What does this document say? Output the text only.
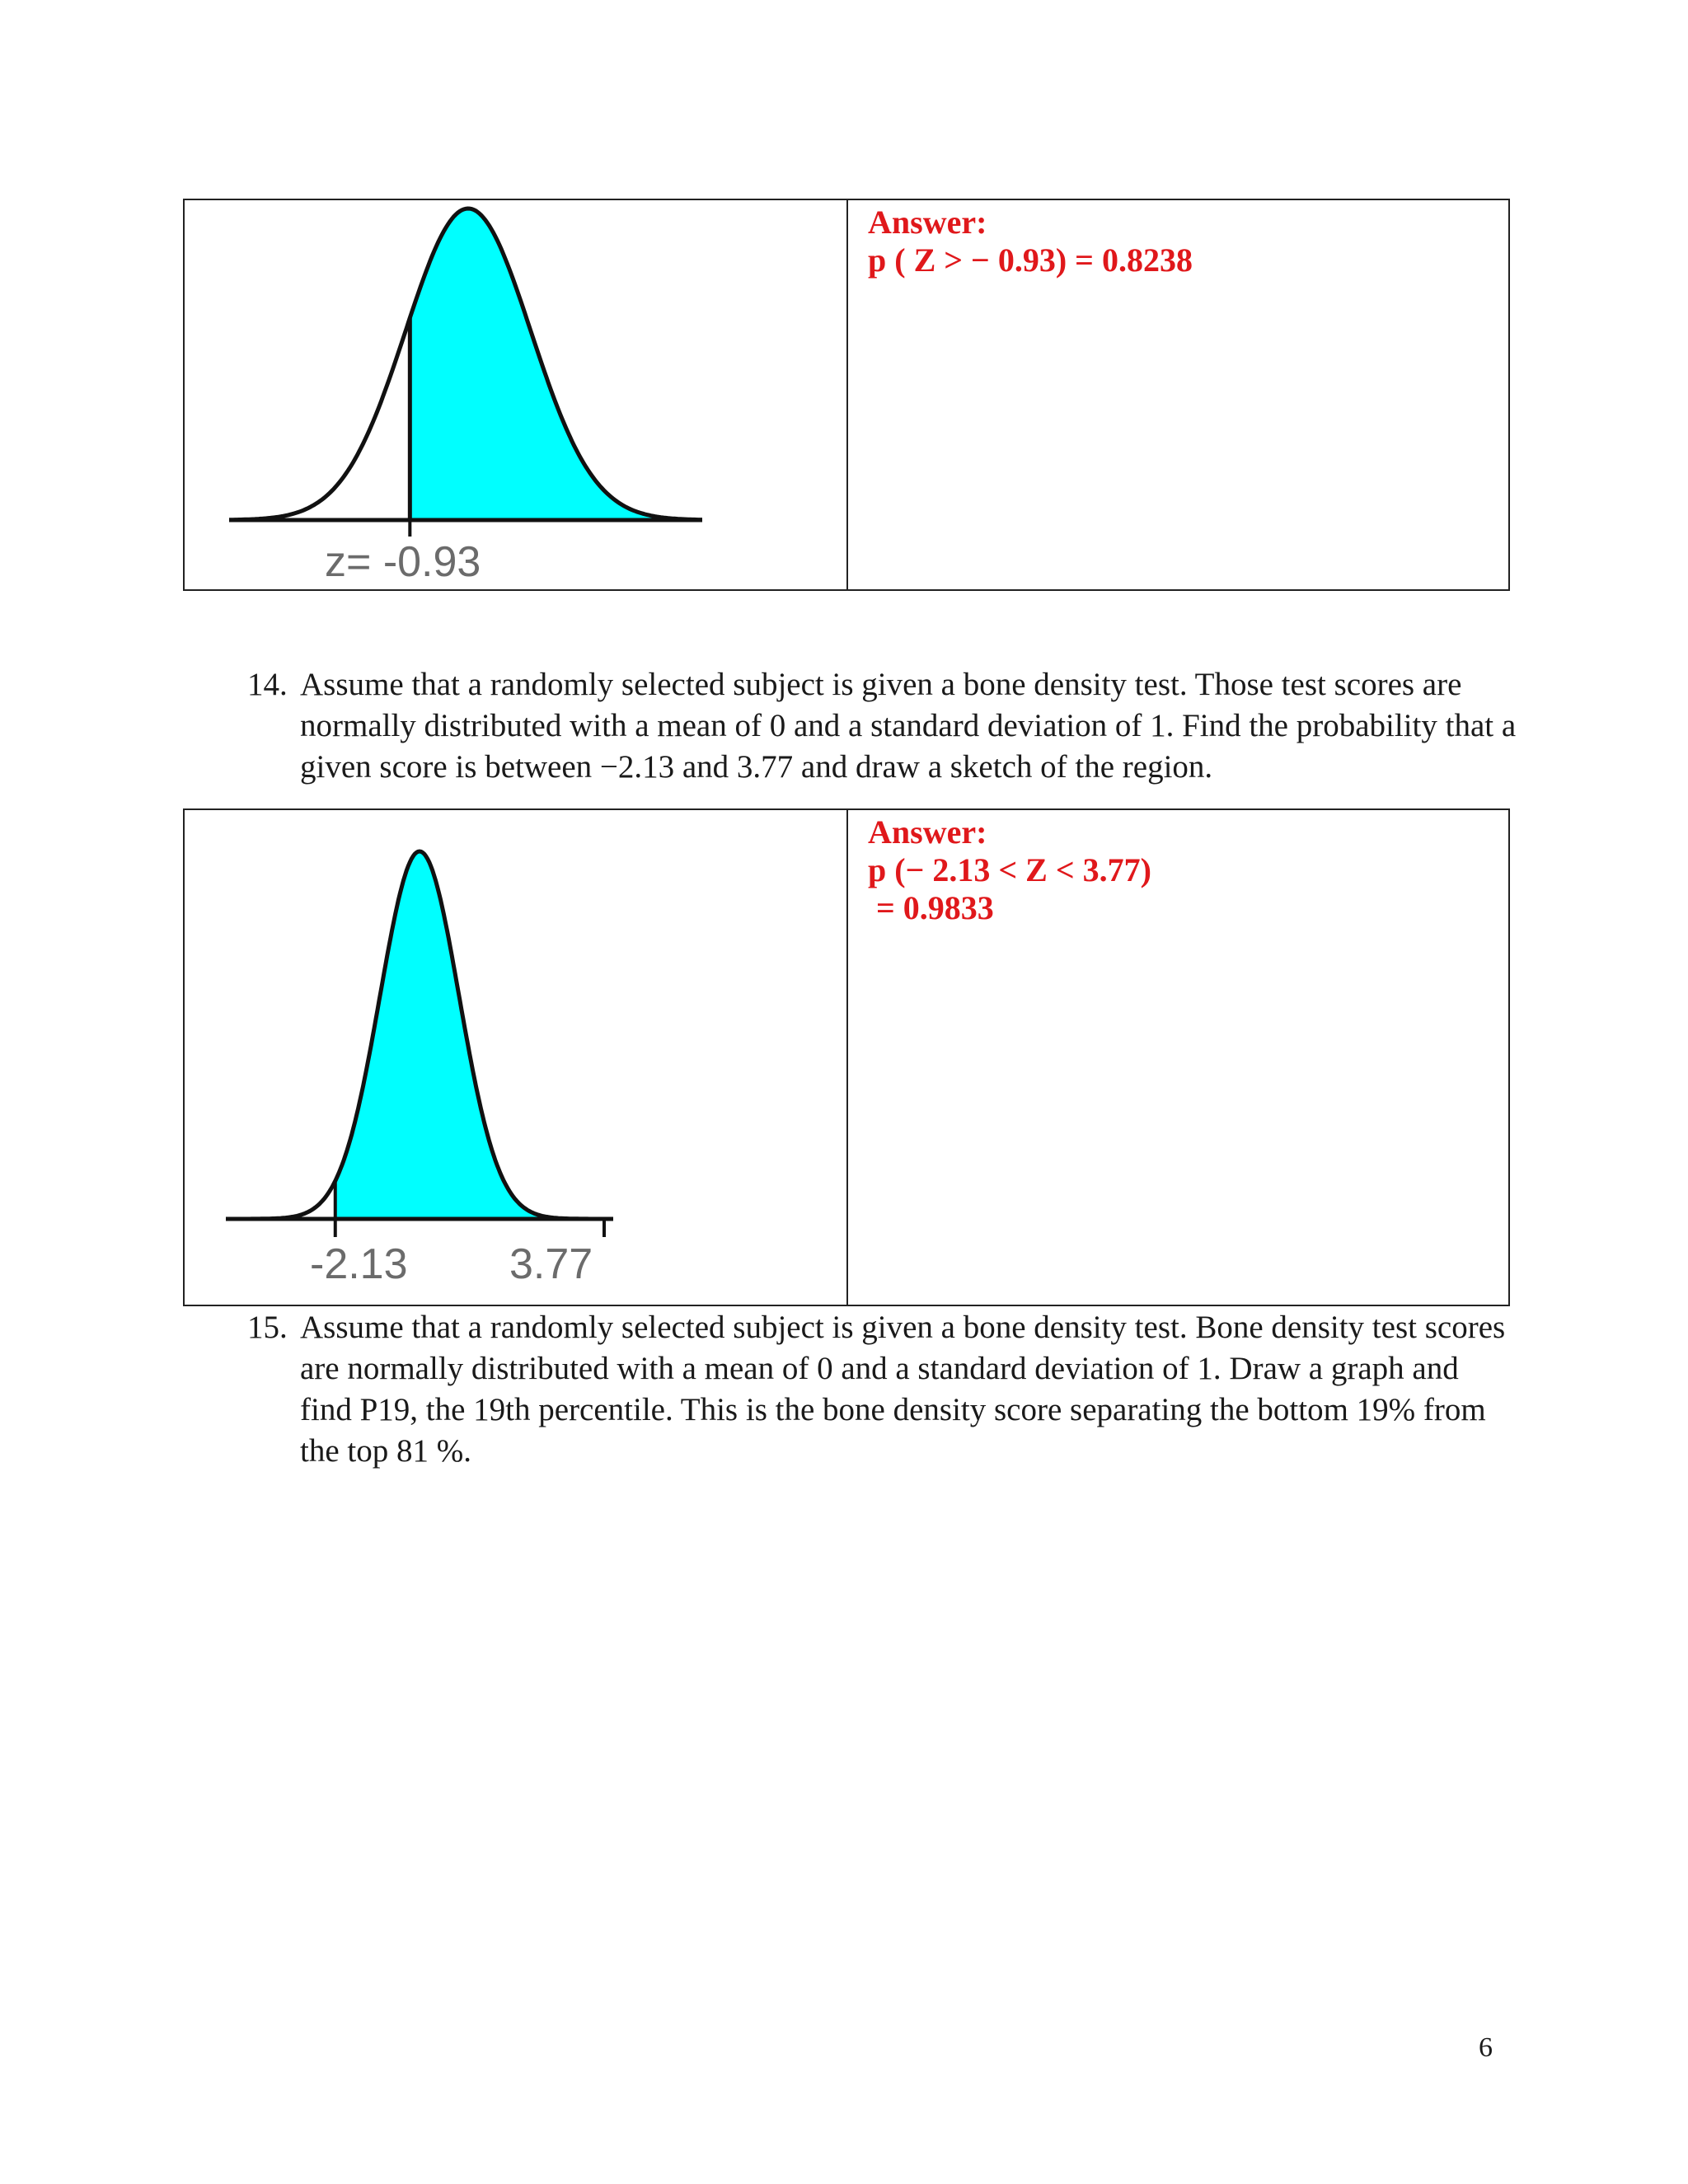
z= -0.93
Answer:
p ( Z > − 0.93) = 0.8238
14. Assume that a randomly selected subject is given a bone density test. Those test scores are normally distributed with a mean of 0 and a standard deviation of 1. Find the probability that a given score is between −2.13 and 3.77 and draw a sketch of the region.
-2.13 3.77
Answer:
p (− 2.13 < Z < 3.77)
= 0.9833
15. Assume that a randomly selected subject is given a bone density test. Bone density test scores are normally distributed with a mean of 0 and a standard deviation of 1. Draw a graph and find P19, the 19th percentile. This is the bone density score separating the bottom 19% from the top 81 %.
6
